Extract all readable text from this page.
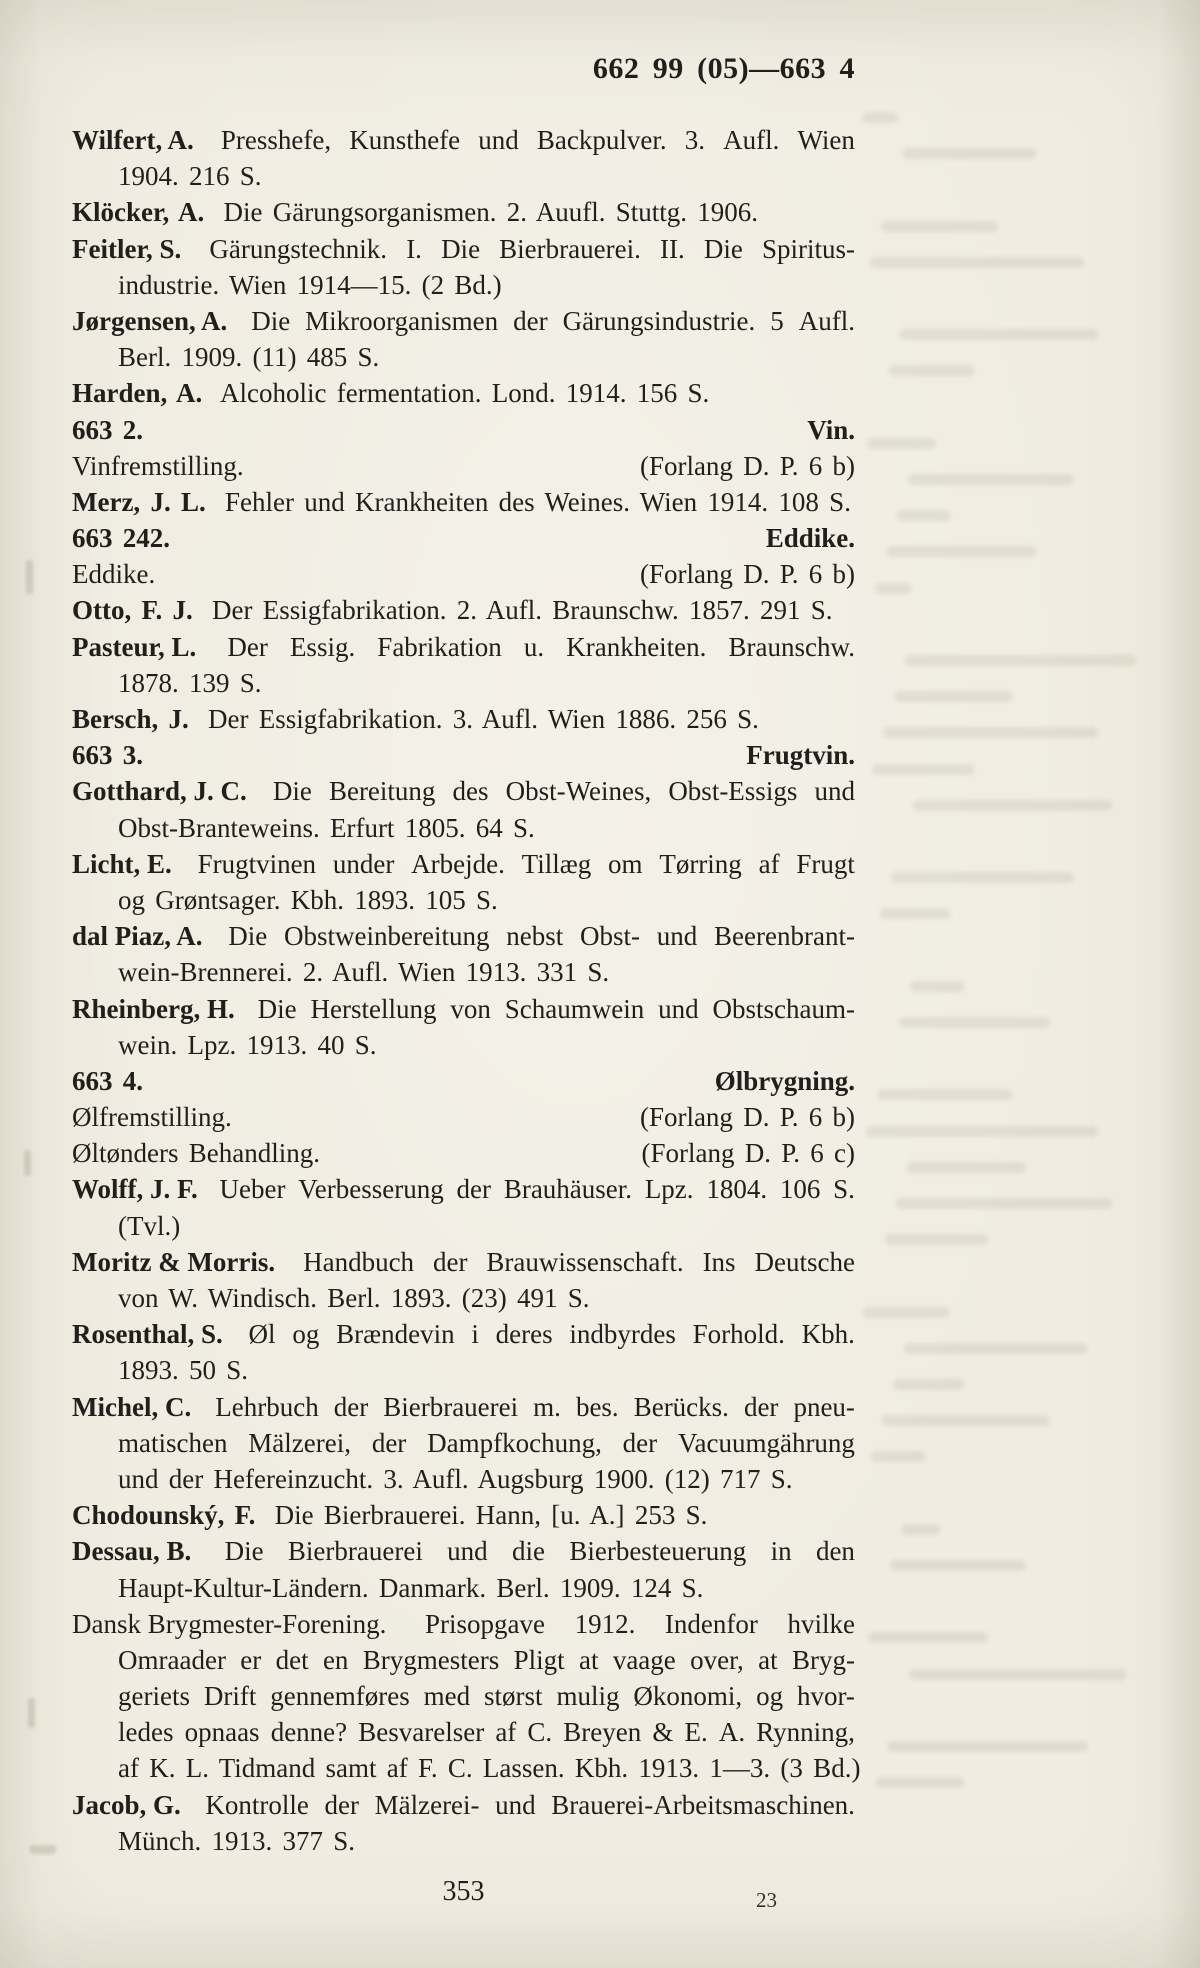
662 99 (05)—663 4
Wilfert, A. Presshefe, Kunsthefe und Backpulver. 3. Aufl. Wien
1904. 216 S.
Klöcker, A. Die Gärungsorganismen. 2. Auufl. Stuttg. 1906.
Feitler, S. Gärungstechnik. I. Die Bierbrauerei. II. Die Spiritus-
industrie. Wien 1914—15. (2 Bd.)
Jørgensen, A. Die Mikroorganismen der Gärungsindustrie. 5 Aufl.
Berl. 1909. (11) 485 S.
Harden, A. Alcoholic fermentation. Lond. 1914. 156 S.
663 2.	Vin.
Vinfremstilling.	(Forlang D. P. 6 b)
Merz, J. L. Fehler und Krankheiten des Weines. Wien 1914. 108 S.
663 242.	Eddike.
Eddike.	(Forlang D. P. 6 b)
Otto, F. J. Der Essigfabrikation. 2. Aufl. Braunschw. 1857. 291 S.
Pasteur, L. Der Essig. Fabrikation u. Krankheiten. Braunschw.
1878. 139 S.
Bersch, J. Der Essigfabrikation. 3. Aufl. Wien 1886. 256 S.
663 3.	Frugtvin.
Gotthard, J. C. Die Bereitung des Obst-Weines, Obst-Essigs und
Obst-Branteweins. Erfurt 1805. 64 S.
Licht, E. Frugtvinen under Arbejde. Tillæg om Tørring af Frugt
og Grøntsager. Kbh. 1893. 105 S.
dal Piaz, A. Die Obstweinbereitung nebst Obst- und Beerenbrant-
wein-Brennerei. 2. Aufl. Wien 1913. 331 S.
Rheinberg, H. Die Herstellung von Schaumwein und Obstschaum-
wein. Lpz. 1913. 40 S.
663 4.	Ølbrygning.
Ølfremstilling.	(Forlang D. P. 6 b)
Øltønders Behandling.	(Forlang D. P. 6 c)
Wolff, J. F. Ueber Verbesserung der Brauhäuser. Lpz. 1804. 106 S.
(Tvl.)
Moritz & Morris. Handbuch der Brauwissenschaft. Ins Deutsche
von W. Windisch. Berl. 1893. (23) 491 S.
Rosenthal, S. Øl og Brændevin i deres indbyrdes Forhold. Kbh.
1893. 50 S.
Michel, C. Lehrbuch der Bierbrauerei m. bes. Berücks. der pneu-
matischen Mälzerei, der Dampfkochung, der Vacuumgährung
und der Hefereinzucht. 3. Aufl. Augsburg 1900. (12) 717 S.
Chodounský, F. Die Bierbrauerei. Hann, [u. A.] 253 S.
Dessau, B. Die Bierbrauerei und die Bierbesteuerung in den
Haupt-Kultur-Ländern. Danmark. Berl. 1909. 124 S.
Dansk Brygmester-Forening. Prisopgave 1912. Indenfor hvilke
Omraader er det en Brygmesters Pligt at vaage over, at Bryg-
geriets Drift gennemføres med størst mulig Økonomi, og hvor-
ledes opnaas denne? Besvarelser af C. Breyen & E. A. Rynning,
af K. L. Tidmand samt af F. C. Lassen. Kbh. 1913. 1—3. (3 Bd.)
Jacob, G. Kontrolle der Mälzerei- und Brauerei-Arbeitsmaschinen.
Münch. 1913. 377 S.
353	23
